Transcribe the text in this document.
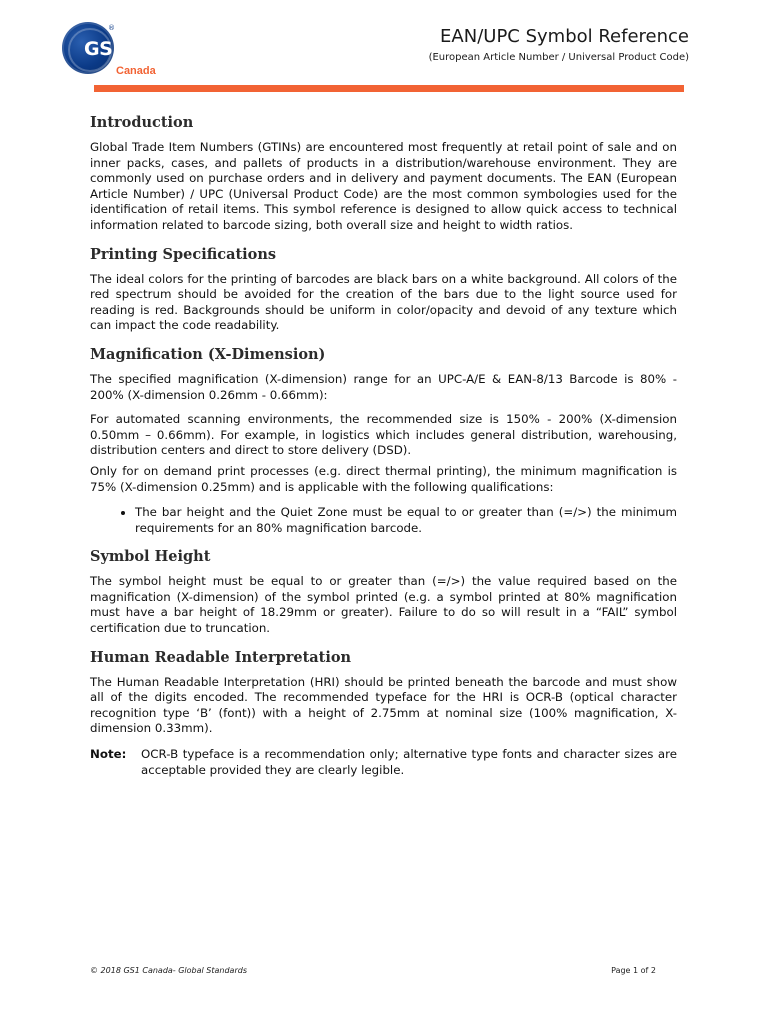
GS1
®
Canada
EAN/UPC Symbol Reference
(European Article Number / Universal Product Code)
Introduction

Global Trade Item Numbers (GTINs) are encountered most frequently at retail point of sale and on inner packs, cases, and pallets of products in a distribution/warehouse environment. They are commonly used on purchase orders and in delivery and payment documents. The EAN (European Article Number) / UPC (Universal Product Code) are the most common symbologies used for the identification of retail items. This symbol reference is designed to allow quick access to technical information related to barcode sizing, both overall size and height to width ratios.

Printing Specifications

The ideal colors for the printing of barcodes are black bars on a white background. All colors of the red spectrum should be avoided for the creation of the bars due to the light source used for reading is red. Backgrounds should be uniform in color/opacity and devoid of any texture which can impact the code readability.

Magnification (X-Dimension)

The specified magnification (X-dimension) range for an UPC-A/E & EAN-8/13 Barcode is 80% - 200% (X-dimension 0.26mm - 0.66mm):

For automated scanning environments, the recommended size is 150% - 200% (X-dimension 0.50mm – 0.66mm). For example, in logistics which includes general distribution, warehousing, distribution centers and direct to store delivery (DSD).

Only for on demand print processes (e.g. direct thermal printing), the minimum magnification is 75% (X-dimension 0.25mm) and is applicable with the following qualifications:

• The bar height and the Quiet Zone must be equal to or greater than (=/>) the minimum requirements for an 80% magnification barcode.
Symbol Height

The symbol height must be equal to or greater than (=/>) the value required based on the magnification (X-dimension) of the symbol printed (e.g. a symbol printed at 80% magnification must have a bar height of 18.29mm or greater). Failure to do so will result in a “FAIL” symbol certification due to truncation.

Human Readable Interpretation

The Human Readable Interpretation (HRI) should be printed beneath the barcode and must show all of the digits encoded. The recommended typeface for the HRI is OCR-B (optical character recognition type ‘B’ (font)) with a height of 2.75mm at nominal size (100% magnification, X-dimension 0.33mm).

Note:	OCR-B typeface is a recommendation only; alternative type fonts and character sizes are acceptable provided they are clearly legible.
© 2018 GS1 Canada- Global Standards	Page 1 of 2
